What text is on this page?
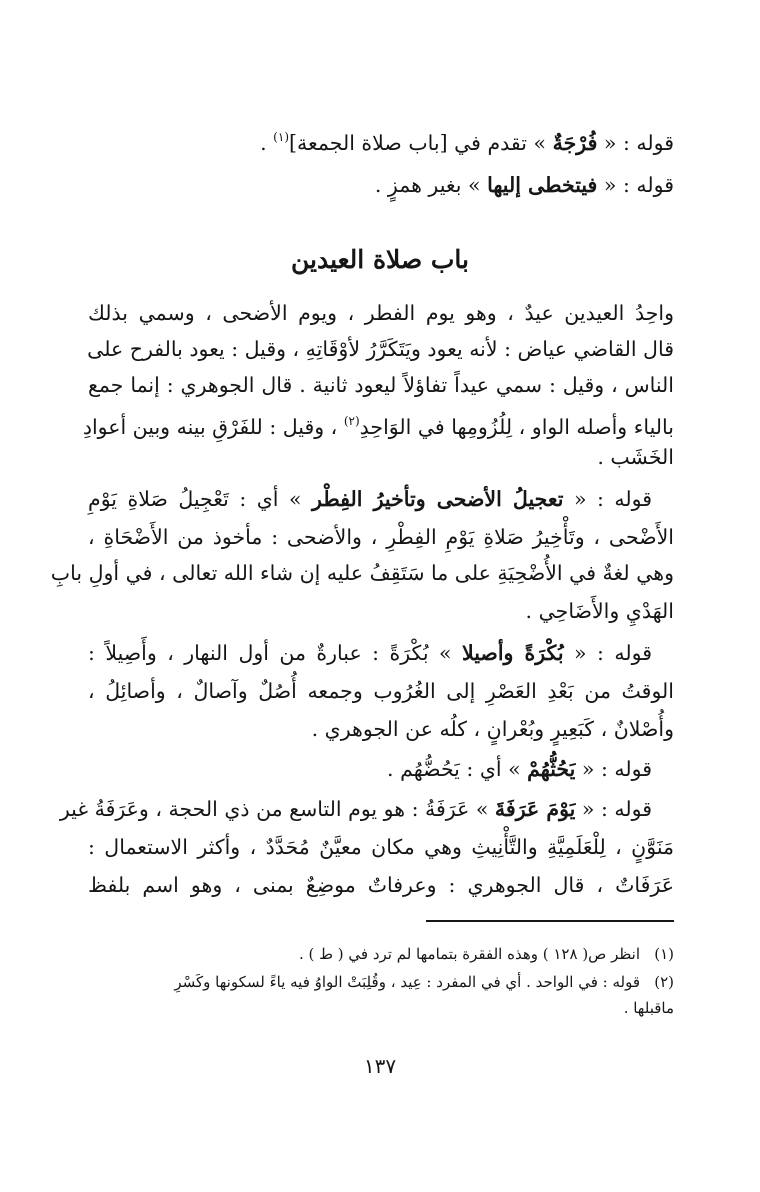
قوله : « فُرْجَةٌ » تقدم في [باب صلاة الجمعة]$^{(١)}$ .
قوله : « فيتخطى إليها » بغير همزٍ .
باب صلاة العيدين
واحِدُ العيدين عيدٌ ، وهو يوم الفطر ، ويوم الأضحى ، وسمي بذلك
قال القاضي عياض : لأنه يعود ويَتَكَرَّرُ لأوْقَاتِهِ ، وقيل : يعود بالفرح على
الناس ، وقيل : سمي عيداً تفاؤلاً ليعود ثانية . قال الجوهري : إنما جمع
بالياء وأصله الواو ، لِلُزُومِها في الوَاحِدِ$^{(٢)}$ ، وقيل : للفَرْقِ بينه وبين أعوادِ
الخَشَب .
قوله : « تعجيلُ الأضحى وتأخيرُ الفِطْر » أي : تَعْجِيلُ صَلاةِ يَوْمِ
الأَضْحى ، وتَأْخِيرُ صَلاةِ يَوْمِ الفِطْرِ ، والأضحى : مأخوذ من الأَضْحَاةِ ،
وهي لغةٌ في الأُضْحِيَةِ على ما سَتَقِفُ عليه إن شاء الله تعالى ، في أولِ بابِ
الهَدْيِ والأَضَاحِي .
قوله : « بُكْرَةً وأصيلا » بُكْرَةً : عبارةٌ من أول النهار ، وأَصِيلاً :
الوقتُ من بَعْدِ العَصْرِ إلى الغُرُوب وجمعه أُصُلٌ وآصالٌ ، وأصائِلُ ،
وأُصْلانٌ ، كَبَعِيرٍ وبُعْرانٍ ، كلُه عن الجوهري .
قوله : « يَحُثُّهُمْ » أي : يَحُضُّهُم .
قوله : « يَوْمَ عَرَفَةَ » عَرَفَةُ : هو يوم التاسع من ذي الحجة ، وعَرَفَةُ غير
مَنَوَّنٍ ، لِلْعَلَمِيَّةِ والتَّأْنِيثِ وهي مكان معيَّنٌ مُحَدَّدٌ ، وأكثر الاستعمال :
عَرَفَاتٌ ، قال الجوهري : وعرفاتٌ موضِعٌ بمنى ، وهو اسم بلفظ
(١)انظر ص( ١٢٨ ) وهذه الفقرة بتمامها لم ترد في ( ط ) .
(٢)قوله : في الواحد . أي في المفرد : عِيد ، وقُلِبَتْ الواوُ فيه ياءً لسكونها وكَسْرِ
ماقبلها .
١٣٧
